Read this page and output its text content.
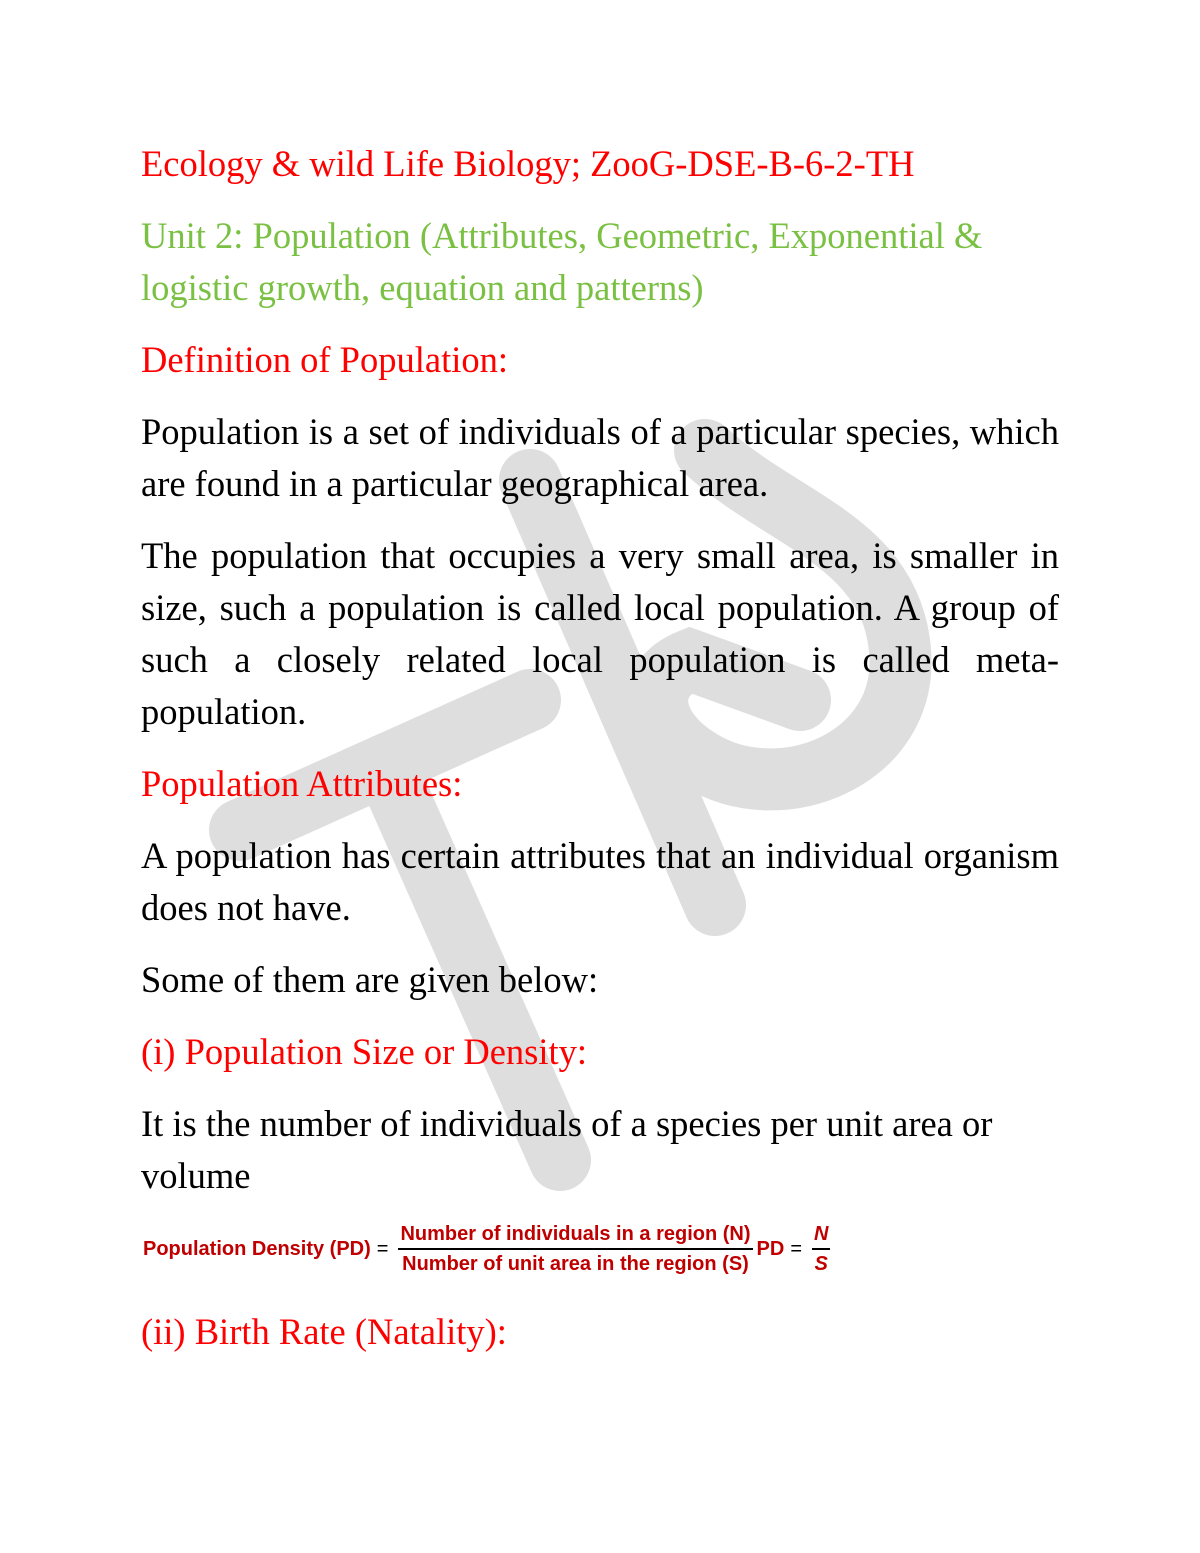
Ecology & wild Life Biology; ZooG-DSE-B-6-2-TH

Unit 2: Population (Attributes, Geometric, Exponential & logistic growth, equation and patterns)

Definition of Population:

Population is a set of individuals of a particular species, which are found in a particular geographical area.

The population that occupies a very small area, is smaller in size, such a population is called local population. A group of such a closely related local population is called meta-population.

Population Attributes:

A population has certain attributes that an individual organism does not have.

Some of them are given below:

(i) Population Size or Density:

It is the number of individuals of a species per unit area or volume

Population Density $(PD) = \frac{\text{Number of individuals in a region (N)}}{\text{Number of unit area in the region (S)}}$ PD = $\frac{N}{S}$

(ii) Birth Rate (Natality):
